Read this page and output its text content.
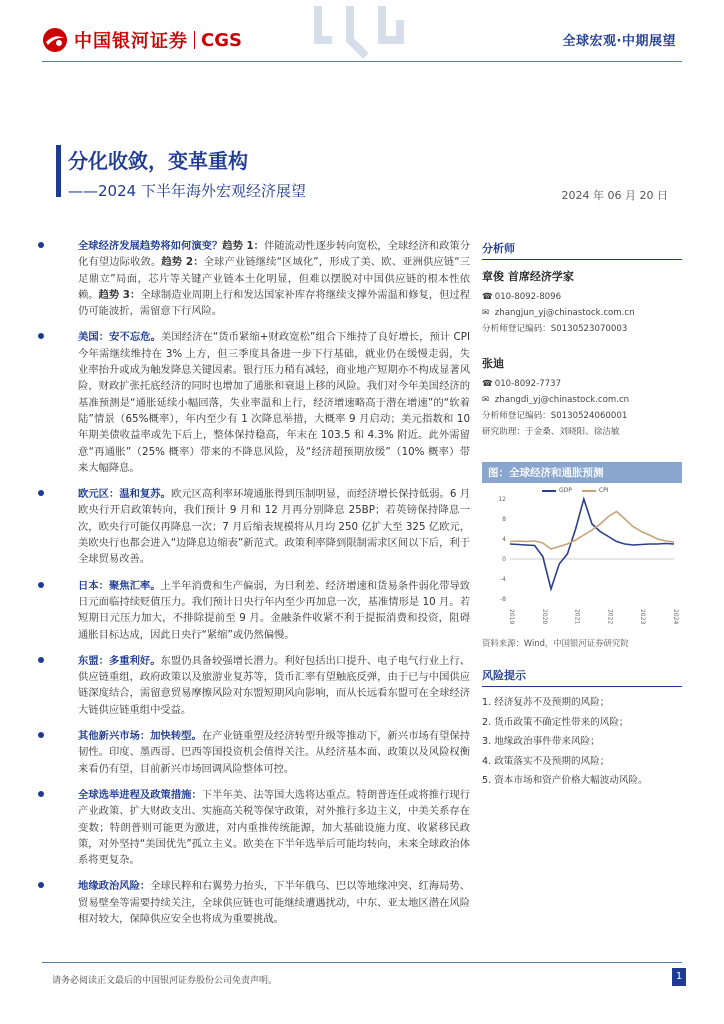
中国银河证券 CGS	全球宏观·中期展望
分化收敛，变革重构
——2024 下半年海外宏观经济展望	2024 年 06 月 20 日
全球经济发展趋势将如何演变？趋势 1：伴随流动性逐步转向宽松，全球经济和政策分化有望边际收敛。趋势 2：全球产业链继续“区域化”，形成了美、欧、亚洲供应链“三足鼎立”局面，芯片等关键产业链本土化明显，但难以摆脱对中国供应链的根本性依赖。趋势 3：全球制造业周期上行和发达国家补库存将继续支撑外需温和修复，但过程仍可能波折，需留意下行风险。
美国：安不忘危。美国经济在“货币紧缩+财政宽松”组合下维持了良好增长，预计 CPI 今年需继续维持在 3% 上方，但三季度具备进一步下行基础，就业仍在缓慢走弱，失业率抬升或成为触发降息关键因素。银行压力稍有减轻，商业地产短期亦不构成显著风险，财政扩张托底经济的同时也增加了通胀和衰退上移的风险。我们对今年美国经济的基准预测是“通胀延续小幅回落，失业率温和上行，经济增速略高于潜在增速”的“软着陆”情景（65%概率），年内至少有 1 次降息举措，大概率 9 月启动；美元指数和 10 年期美债收益率或先下后上，整体保持稳高，年末在 103.5 和 4.3% 附近。此外需留意“再通胀”（25% 概率）带来的不降息风险，及“经济超预期放缓”（10% 概率）带来大幅降息。
欧元区：温和复苏。欧元区高利率环境通胀得到压制明显，而经济增长保持低弱。6 月欧央行开启政策转向，我们预计 9 月和 12 月再分别降息 25BP；若英镑保持降息一次，欧央行可能仅再降息一次；7 月后缩表规模将从月均 250 亿扩大至 325 亿欧元，美欧央行也都会进入“边降息边缩表”新范式。政策利率降到限制需求区间以下后，利于全球贸易改善。
日本：聚焦汇率。上半年消费和生产偏弱，为日利差、经济增速和货易条件弱化带导致日元面临持续贬值压力。我们预计日央行年内至少再加息一次，基准情形是 10 月。若短期日元压力加大，不排除提前至 9 月。金融条件收紧不利于提振消费和投资，阻碍通胀目标达成，因此日央行“紧缩”或仍然偏慢。
东盟：多重利好。东盟仍具备较强增长潜力。利好包括出口提升、电子电气行业上行、供应链重组，政府政策以及旅游业复苏等，货币汇率有望触底反弹，由于已与中国供应链深度结合，需留意贸易摩擦风险对东盟短期风向影响，而从长远看东盟可在全球经济大链供应链重组中受益。
其他新兴市场：加快转型。在产业链重塑及经济转型升级等推动下，新兴市场有望保持韧性。印度、墨西哥、巴西等国投资机会值得关注。从经济基本面、政策以及风险权衡来看仍有望，目前新兴市场回调风险整体可控。
全球选举进程及政策措施：下半年美、法等国大选将达重点。特朗普连任或将推行现行产业政策、扩大财政支出、实施高关税等保守政策，对外推行多边主义，中美关系存在变数；特朗普则可能更为激进，对内重推传统能源，加大基础设施力度、收紧移民政策，对外坚持“美国优先”孤立主义。欧美在下半年选举后可能均转向，未来全球政治体系将更复杂。
地缘政治风险：全球民粹和右翼势力抬头，下半年俄乌、巴以等地缘冲突、红海局势、贸易壁垒等需要持续关注，全球供应链也可能继续遭遇扰动，中东、亚太地区潜在风险相对较大，保障供应安全也将成为重要挑战。
分析师
章俊 首席经济学家
☎ 010-8092-8096
✉ zhangjun_yj@chinastock.com.cn
分析师登记编码：S0130523070003
张迪
☎ 010-8092-7737
✉ zhangdi_yj@chinastock.com.cn
分析师登记编码：S0130524060001
研究助理：于金桑、刘晓阳、徐洁敏
图：全球经济和通胀预测
GDP	CPI
-8
-4
0
4
8
12
2019	2020	2021	2022	2023	2024
资料来源：Wind，中国银河证券研究院
风险提示
1. 经济复苏不及预期的风险；
2. 货币政策不确定性带来的风险；
3. 地缘政治事件带来风险；
4. 政策落实不及预期的风险；
5. 资本市场和资产价格大幅波动风险。
请务必阅读正文最后的中国银河证券股份公司免责声明。	1
